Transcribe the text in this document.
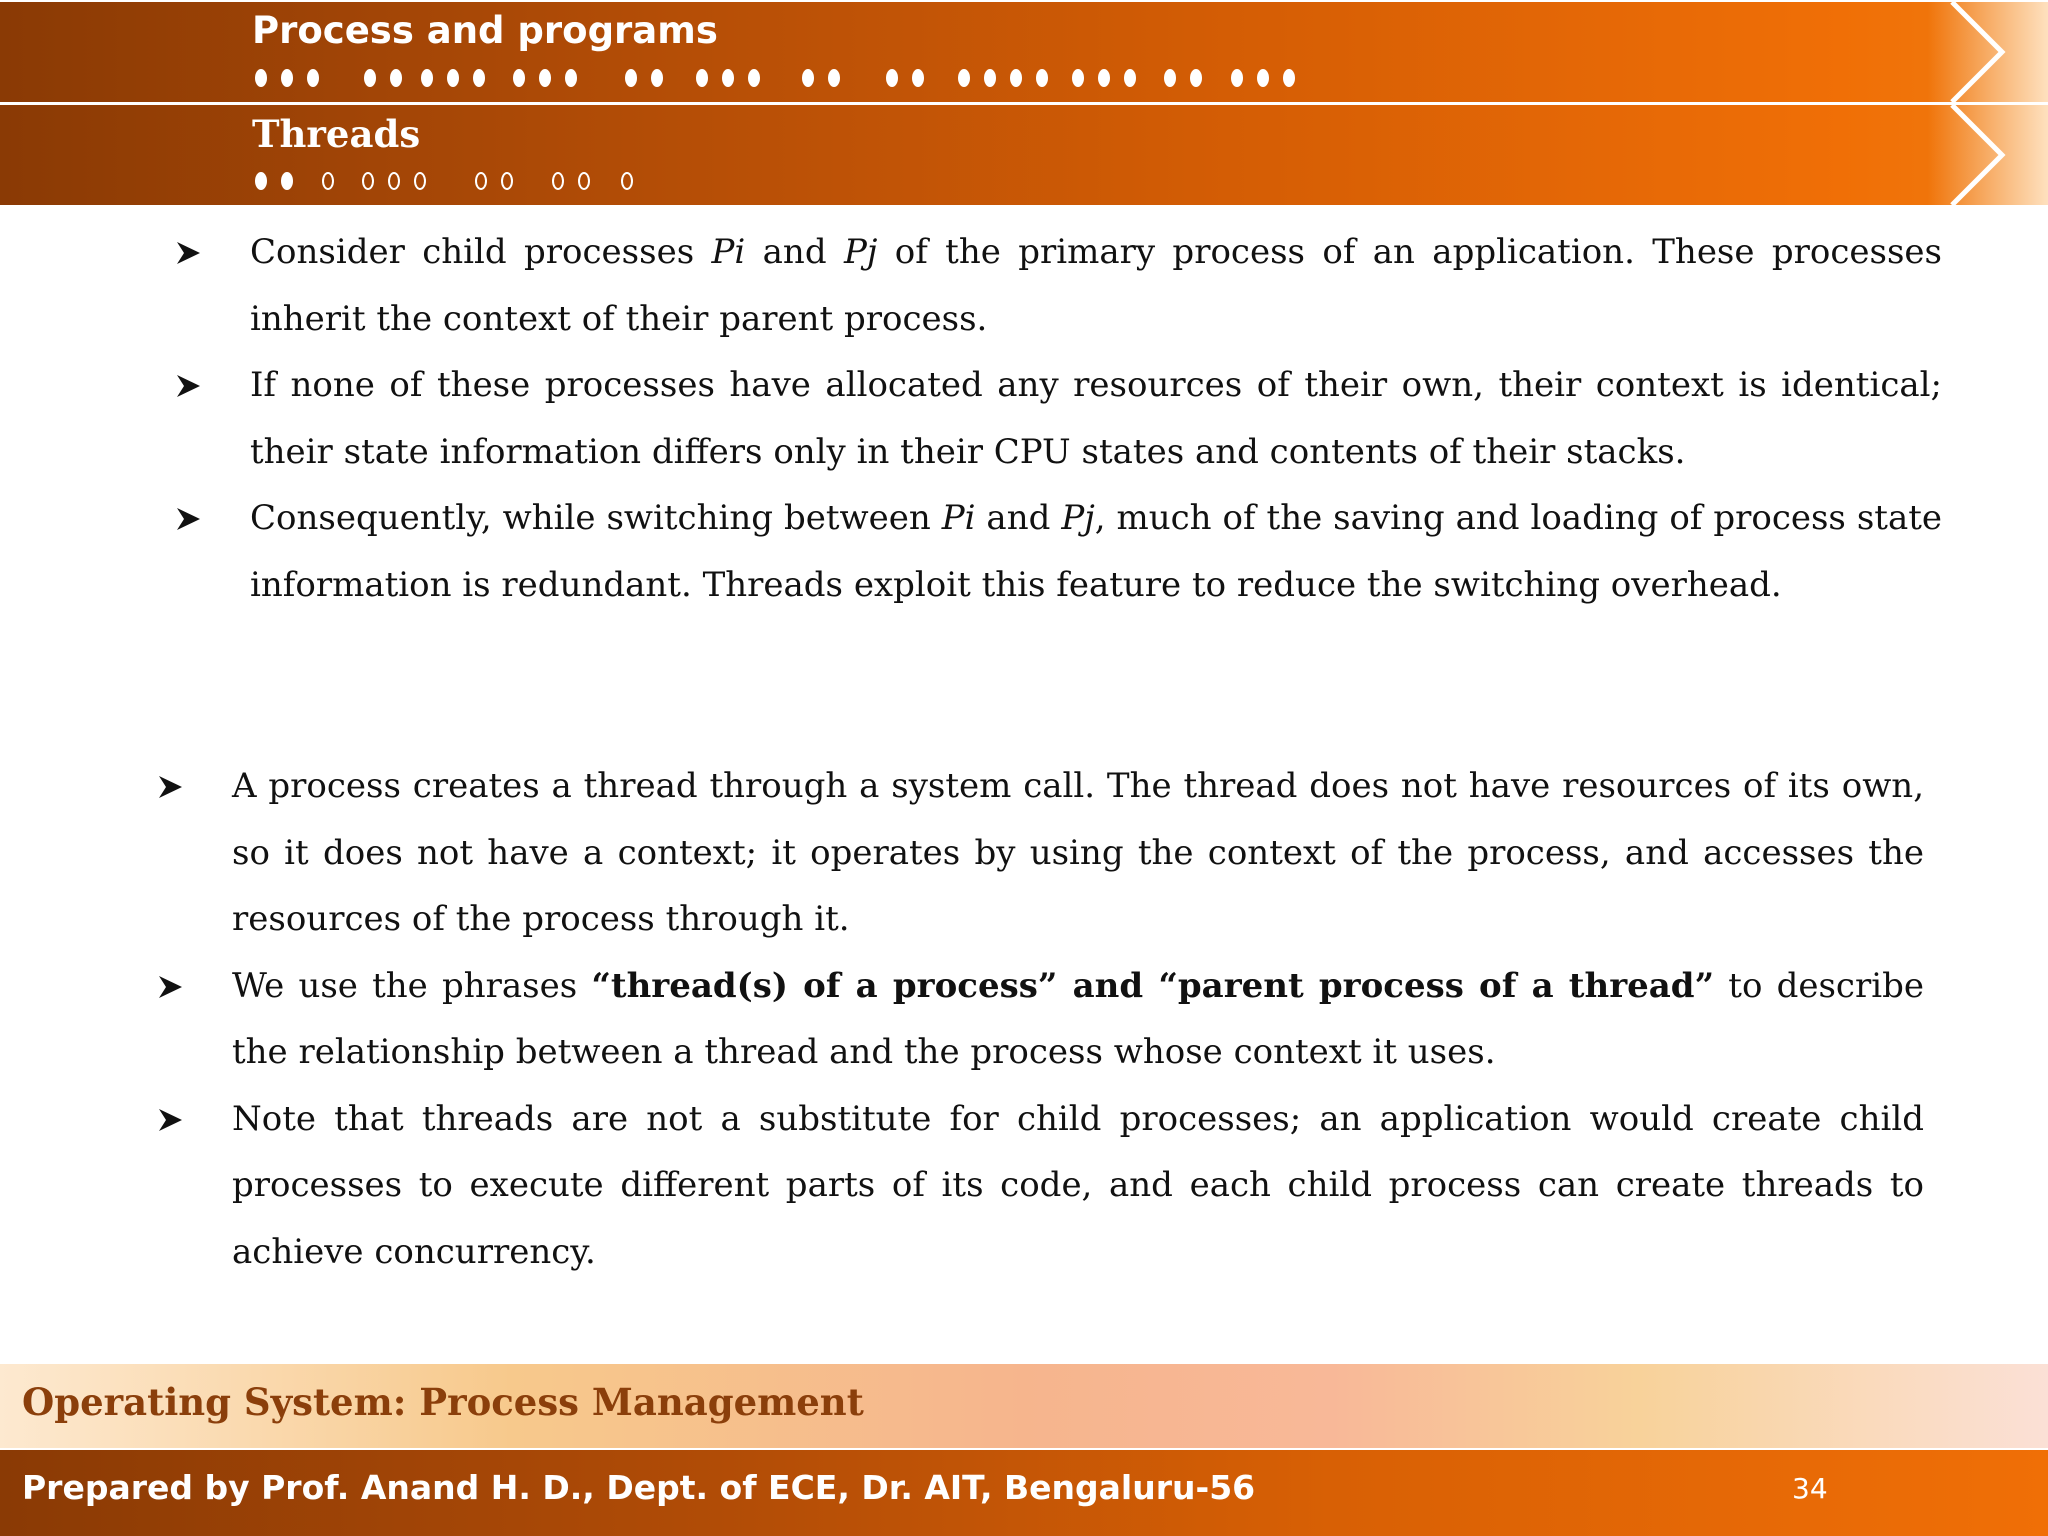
Process and programs
Threads

Consider child processes Pi and Pj of the primary process of an application. These processes inherit the context of their parent process.

If none of these processes have allocated any resources of their own, their context is identical; their state information differs only in their CPU states and contents of their stacks.

Consequently, while switching between Pi and Pj, much of the saving and loading of process state information is redundant. Threads exploit this feature to reduce the switching overhead.

A process creates a thread through a system call. The thread does not have resources of its own, so it does not have a context; it operates by using the context of the process, and accesses the resources of the process through it.

We use the phrases “thread(s) of a process” and “parent process of a thread” to describe the relationship between a thread and the process whose context it uses.

Note that threads are not a substitute for child processes; an application would create child processes to execute different parts of its code, and each child process can create threads to achieve concurrency.

Operating System: Process Management
Prepared by Prof. Anand H. D., Dept. of ECE, Dr. AIT, Bengaluru-56	34
